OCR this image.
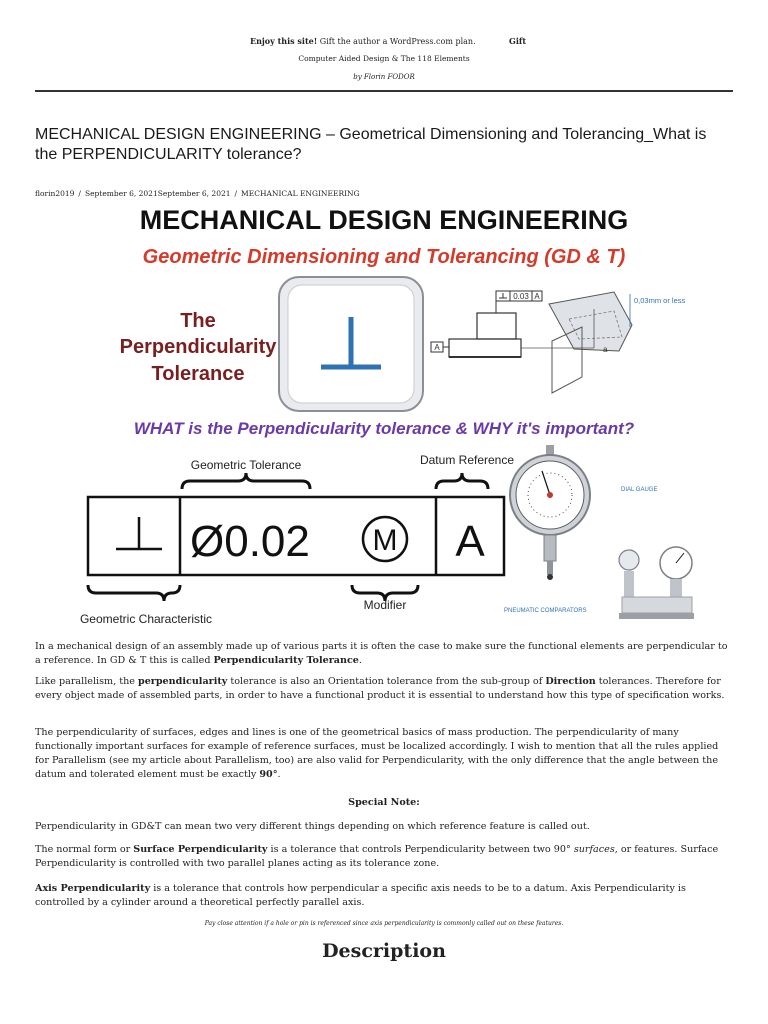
Enjoy this site! Gift the author a WordPress.com plan.	Gift
Computer Aided Design & The 118 Elements
by Florin FODOR
MECHANICAL DESIGN ENGINEERING – Geometrical Dimensioning and Tolerancing_What is the PERPENDICULARITY tolerance?
florin2019 / September 6, 2021September 6, 2021 / MECHANICAL ENGINEERING
MECHANICAL DESIGN ENGINEERING
Geometric Dimensioning and Tolerancing (GD & T)
The
Perpendicularity
Tolerance
0.03 A
A
0,03mm or less
a
WHAT is the Perpendicularity tolerance & WHY it's important?
Geometric Tolerance	Datum Reference
Ø0.02 M A
Geometric Characteristic
Modifier
DIAL GAUGE
PNEUMATIC COMPARATORS

In a mechanical design of an assembly made up of various parts it is often the case to make sure the functional elements are perpendicular to a reference. In GD & T this is called Perpendicularity Tolerance.

Like parallelism, the perpendicularity tolerance is also an Orientation tolerance from the sub-group of Direction tolerances. Therefore for every object made of assembled parts, in order to have a functional product it is essential to understand how this type of specification works.

The perpendicularity of surfaces, edges and lines is one of the geometrical basics of mass production. The perpendicularity of many functionally important surfaces for example of reference surfaces, must be localized accordingly. I wish to mention that all the rules applied for Parallelism (see my article about Parallelism, too) are also valid for Perpendicularity, with the only difference that the angle between the datum and tolerated element must be exactly 90°.

Special Note:
Perpendicularity in GD&T can mean two very different things depending on which reference feature is called out.

The normal form or Surface Perpendicularity is a tolerance that controls Perpendicularity between two 90° surfaces, or features. Surface Perpendicularity is controlled with two parallel planes acting as its tolerance zone.

Axis Perpendicularity is a tolerance that controls how perpendicular a specific axis needs to be to a datum. Axis Perpendicularity is controlled by a cylinder around a theoretical perfectly parallel axis.

Pay close attention if a hole or pin is referenced since axis perpendicularity is commonly called out on these features.
Description
